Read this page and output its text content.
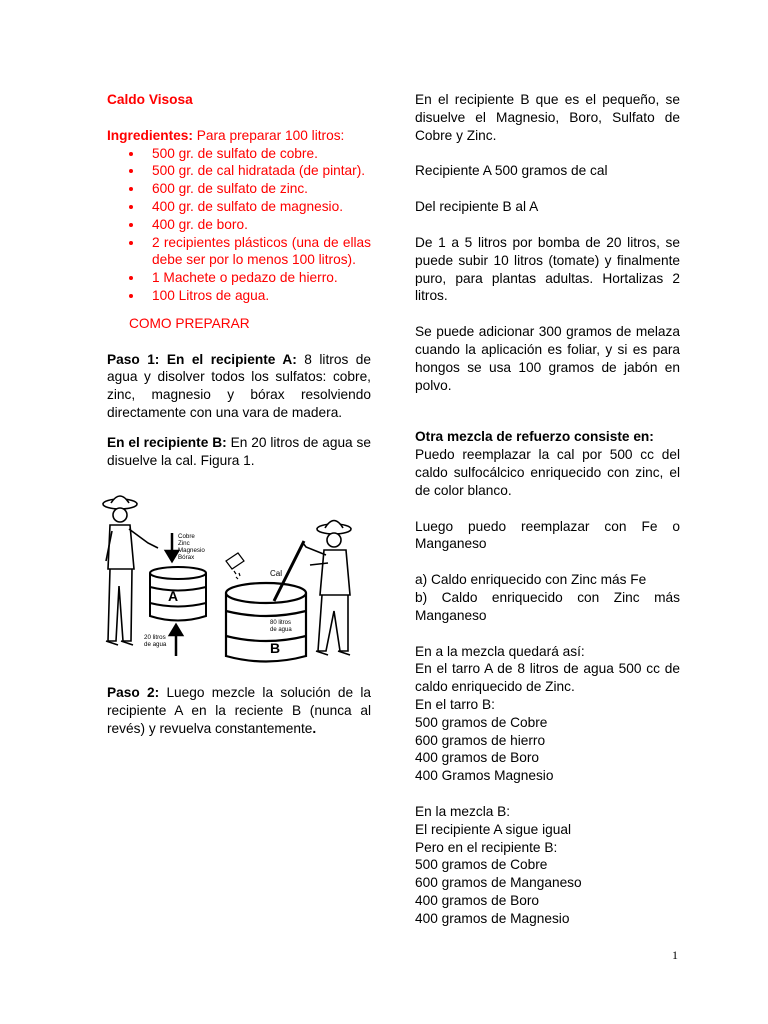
Caldo Visosa

Ingredientes: Para preparar 100 litros:

500 gr. de sulfato de cobre.
500 gr. de cal hidratada (de pintar).
600 gr. de sulfato de zinc.
400 gr. de sulfato de magnesio.
400 gr. de boro.
2 recipientes plásticos (una de ellas debe ser por lo menos 100 litros).
1 Machete o pedazo de hierro.
100 Litros de agua.

COMO PREPARAR

Paso 1: En el recipiente A: 8 litros de agua y disolver todos los sulfatos: cobre, zinc, magnesio y bórax resolviendo directamente con una vara de madera.

En el recipiente B: En 20 litros de agua se disuelve la cal. Figura 1.

Cobre Zinc Magnesio Bórax
A
20 litros de agua
Cal
80 litros de agua
B

Paso 2: Luego mezcle la solución de la recipiente A en la reciente B (nunca al revés) y revuelva constantemente.

En el recipiente B que es el pequeño, se disuelve el Magnesio, Boro, Sulfato de Cobre y Zinc.

Recipiente A 500 gramos de cal

Del recipiente B al A

De 1 a 5 litros por bomba de 20 litros, se puede subir 10 litros (tomate) y finalmente puro, para plantas adultas. Hortalizas 2 litros.

Se puede adicionar 300 gramos de melaza cuando la aplicación es foliar, y si es para hongos se usa 100 gramos de jabón en polvo.

Otra mezcla de refuerzo consiste en:

Puedo reemplazar la cal por 500 cc del caldo sulfocálcico enriquecido con zinc, el de color blanco.

Luego puedo reemplazar con Fe o Manganeso

a) Caldo enriquecido con Zinc más Fe

b) Caldo enriquecido con Zinc más Manganeso

En a la mezcla quedará así:

En el tarro A de 8 litros de agua 500 cc de caldo enriquecido de Zinc.

En el tarro B:

500 gramos de Cobre

600 gramos de hierro

400 gramos de Boro

400 Gramos Magnesio

En la mezcla B:

El recipiente A sigue igual

Pero en el recipiente B:

500 gramos de Cobre

600 gramos de Manganeso

400 gramos de Boro

400 gramos de Magnesio

1
